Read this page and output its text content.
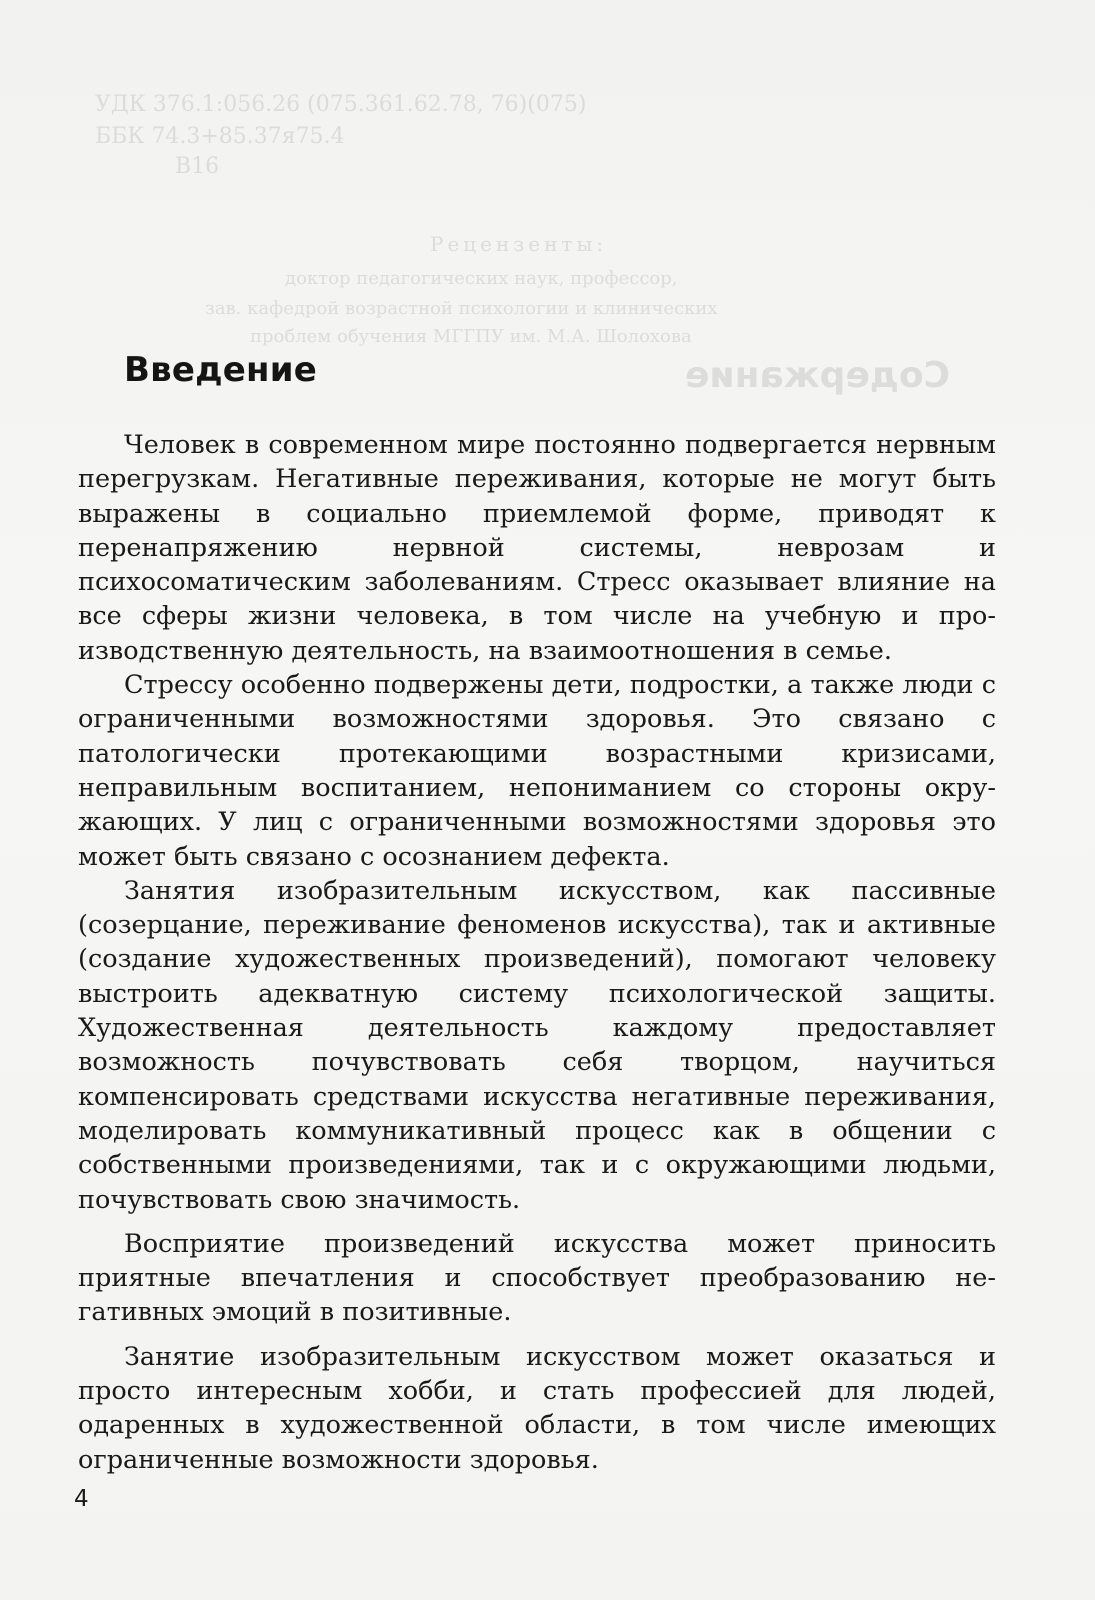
Содержание
УДК 376.1:056.26 (075.361.62.78, 76)(075)
ББК 74.3+85.37я75.4
В16
Рецензенты:
доктор педагогических наук, профессор,
зав. кафедрой возрастной психологии и клинических
проблем обучения МГГПУ им. М.А. Шолохова
Введение

Человек в современном мире постоянно подвергается нервным перегрузкам. Негативные переживания, которые не могут быть выражены в социально приемлемой форме, приводят к перенапряжению нервной системы, неврозам и психосоматическим заболеваниям. Стресс оказывает влияние на все сферы жизни человека, в том числе на учебную и производственную деятельность, на взаимоотношения в семье.

Стрессу особенно подвержены дети, подростки, а также люди с ограниченными возможностями здоровья. Это связано с патологически протекающими возрастными кризисами, неправильным воспитанием, непониманием со стороны окружающих. У лиц с ограниченными возможностями здоровья это может быть связано с осознанием дефекта.

Занятия изобразительным искусством, как пассивные (созерцание, переживание феноменов искусства), так и активные (создание художественных произведений), помогают человеку выстроить адекватную систему психологической защиты. Художественная деятельность каждому предоставляет возможность почувствовать себя творцом, научиться компенсировать средствами искусства негативные переживания, моделировать коммуникативный процесс как в общении с собственными произведениями, так и с окружающими людьми, почувствовать свою значимость.

Восприятие произведений искусства может приносить приятные впечатления и способствует преобразованию негативных эмоций в позитивные.

Занятие изобразительным искусством может оказаться и просто интересным хобби, и стать профессией для людей, одаренных в художественной области, в том числе имеющих ограниченные возможности здоровья.

4
